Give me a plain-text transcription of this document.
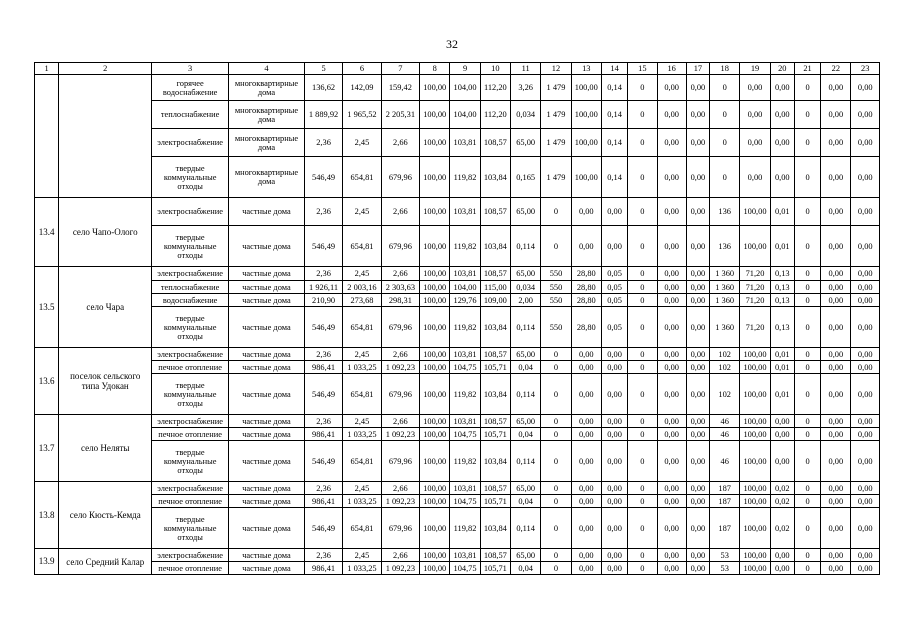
32
1	2	3	4	5	6	7	8	9	10	11	12	13	14	15	16	17	18	19	20	21	22	23
		горячее водоснабжение	многоквартирные дома	136,62	142,09	159,42	100,00	104,00	112,20	3,26	1 479	100,00	0,14	0	0,00	0,00	0	0,00	0,00	0	0,00	0,00
		теплоснабжение	многоквартирные дома	1 889,92	1 965,52	2 205,31	100,00	104,00	112,20	0,034	1 479	100,00	0,14	0	0,00	0,00	0	0,00	0,00	0	0,00	0,00
		электроснабжение	многоквартирные дома	2,36	2,45	2,66	100,00	103,81	108,57	65,00	1 479	100,00	0,14	0	0,00	0,00	0	0,00	0,00	0	0,00	0,00
		твердые коммунальные отходы	многоквартирные дома	546,49	654,81	679,96	100,00	119,82	103,84	0,165	1 479	100,00	0,14	0	0,00	0,00	0	0,00	0,00	0	0,00	0,00
13.4	село Чапо-Олого	электроснабжение	частные дома	2,36	2,45	2,66	100,00	103,81	108,57	65,00	0	0,00	0,00	0	0,00	0,00	136	100,00	0,01	0	0,00	0,00
		твердые коммунальные отходы	частные дома	546,49	654,81	679,96	100,00	119,82	103,84	0,114	0	0,00	0,00	0	0,00	0,00	136	100,00	0,01	0	0,00	0,00
13.5	село Чара	электроснабжение	частные дома	2,36	2,45	2,66	100,00	103,81	108,57	65,00	550	28,80	0,05	0	0,00	0,00	1 360	71,20	0,13	0	0,00	0,00
		теплоснабжение	частные дома	1 926,11	2 003,16	2 303,63	100,00	104,00	115,00	0,034	550	28,80	0,05	0	0,00	0,00	1 360	71,20	0,13	0	0,00	0,00
		водоснабжение	частные дома	210,90	273,68	298,31	100,00	129,76	109,00	2,00	550	28,80	0,05	0	0,00	0,00	1 360	71,20	0,13	0	0,00	0,00
		твердые коммунальные отходы	частные дома	546,49	654,81	679,96	100,00	119,82	103,84	0,114	550	28,80	0,05	0	0,00	0,00	1 360	71,20	0,13	0	0,00	0,00
13.6	поселок сельского типа Удокан	электроснабжение	частные дома	2,36	2,45	2,66	100,00	103,81	108,57	65,00	0	0,00	0,00	0	0,00	0,00	102	100,00	0,01	0	0,00	0,00
		печное отопление	частные дома	986,41	1 033,25	1 092,23	100,00	104,75	105,71	0,04	0	0,00	0,00	0	0,00	0,00	102	100,00	0,01	0	0,00	0,00
		твердые коммунальные отходы	частные дома	546,49	654,81	679,96	100,00	119,82	103,84	0,114	0	0,00	0,00	0	0,00	0,00	102	100,00	0,01	0	0,00	0,00
13.7	село Неляты	электроснабжение	частные дома	2,36	2,45	2,66	100,00	103,81	108,57	65,00	0	0,00	0,00	0	0,00	0,00	46	100,00	0,00	0	0,00	0,00
		печное отопление	частные дома	986,41	1 033,25	1 092,23	100,00	104,75	105,71	0,04	0	0,00	0,00	0	0,00	0,00	46	100,00	0,00	0	0,00	0,00
		твердые коммунальные отходы	частные дома	546,49	654,81	679,96	100,00	119,82	103,84	0,114	0	0,00	0,00	0	0,00	0,00	46	100,00	0,00	0	0,00	0,00
13.8	село Кюсть-Кемда	электроснабжение	частные дома	2,36	2,45	2,66	100,00	103,81	108,57	65,00	0	0,00	0,00	0	0,00	0,00	187	100,00	0,02	0	0,00	0,00
		печное отопление	частные дома	986,41	1 033,25	1 092,23	100,00	104,75	105,71	0,04	0	0,00	0,00	0	0,00	0,00	187	100,00	0,02	0	0,00	0,00
		твердые коммунальные отходы	частные дома	546,49	654,81	679,96	100,00	119,82	103,84	0,114	0	0,00	0,00	0	0,00	0,00	187	100,00	0,02	0	0,00	0,00
13.9	село Средний Калар	электроснабжение	частные дома	2,36	2,45	2,66	100,00	103,81	108,57	65,00	0	0,00	0,00	0	0,00	0,00	53	100,00	0,00	0	0,00	0,00
		печное отопление	частные дома	986,41	1 033,25	1 092,23	100,00	104,75	105,71	0,04	0	0,00	0,00	0	0,00	0,00	53	100,00	0,00	0	0,00	0,00
